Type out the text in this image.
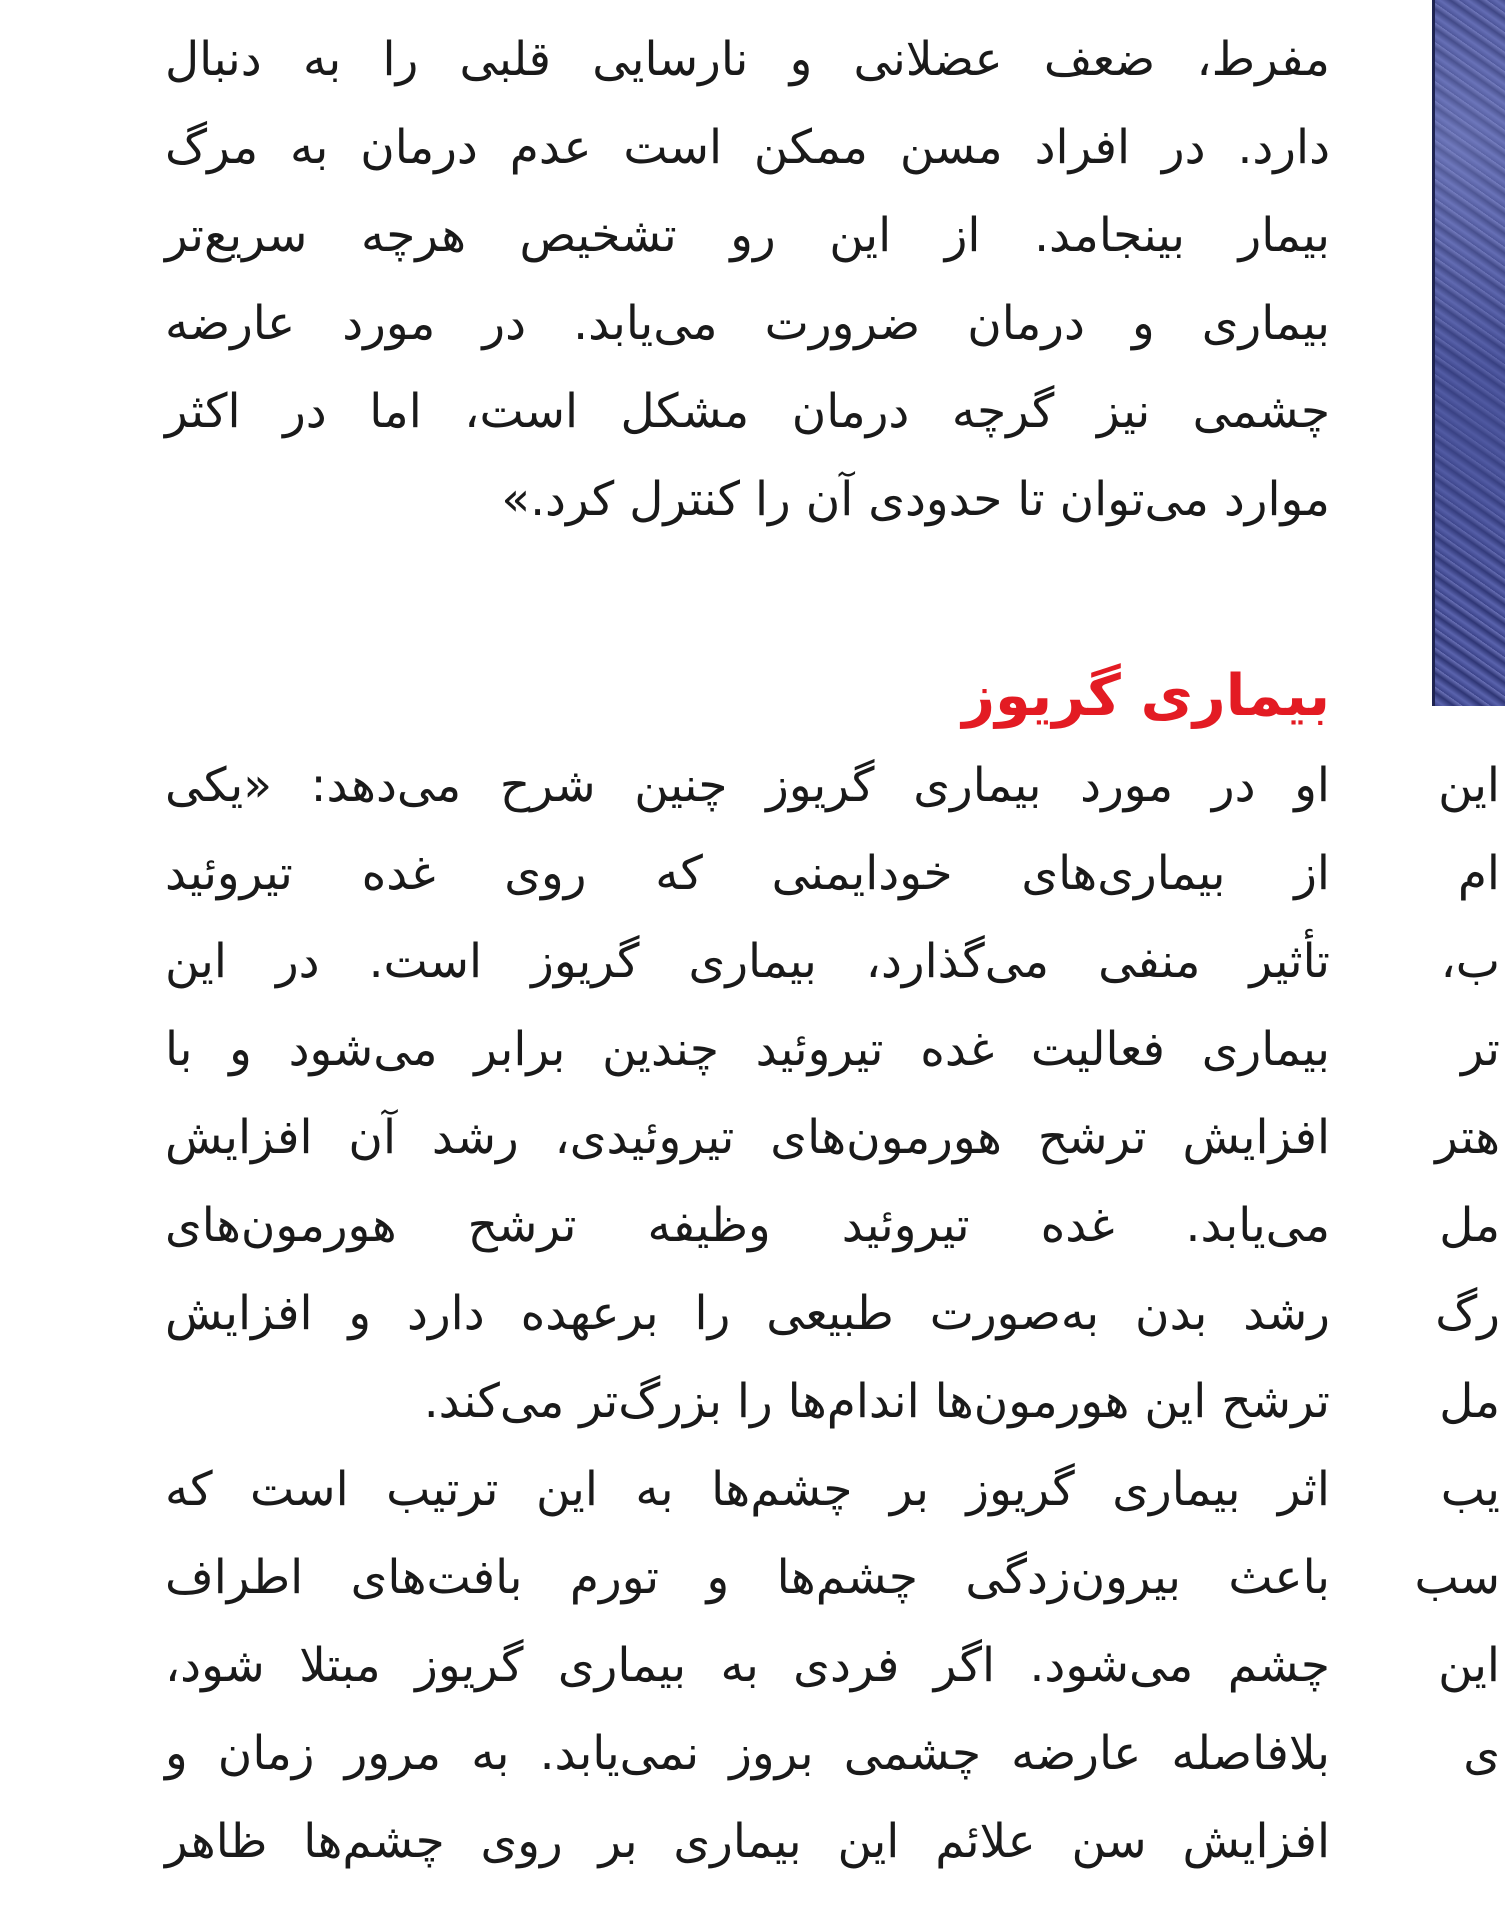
مفرط، ضعف عضلانی و نارسایی قلبی را به دنبال
دارد. در افراد مسن ممکن است عدم درمان به مرگ
بیمار بینجامد. از این رو تشخیص هرچه سریع‌تر
بیماری و درمان ضرورت می‌یابد. در مورد عارضه
چشمی نیز گرچه درمان مشکل است، اما در اکثر
موارد می‌توان تا حدودی آن را کنترل کرد.»
بیماری گریوز
او در مورد بیماری گریوز چنین شرح می‌دهد: «یکی
از بیماری‌های خودایمنی که روی غده تیروئید
تأثیر منفی می‌گذارد، بیماری گریوز است. در این
بیماری فعالیت غده تیروئید چندین برابر می‌شود و با
افزایش ترشح هورمون‌های تیروئیدی، رشد آن افزایش
می‌یابد. غده تیروئید وظیفه ترشح هورمون‌های
رشد بدن به‌صورت طبیعی را برعهده دارد و افزایش
ترشح این هورمون‌ها اندام‌ها را بزرگ‌تر می‌کند.
اثر بیماری گریوز بر چشم‌ها به این ترتیب است که
باعث بیرون‌زدگی چشم‌ها و تورم بافت‌های اطراف
چشم می‌شود. اگر فردی به بیماری گریوز مبتلا شود،
بلافاصله عارضه چشمی بروز نمی‌یابد. به مرور زمان و
افزایش سن علائم این بیماری بر روی چشم‌ها ظاهر
این
ام
ب،
تر
هتر
مل
رگ
مل
یب
سب
این
ی
